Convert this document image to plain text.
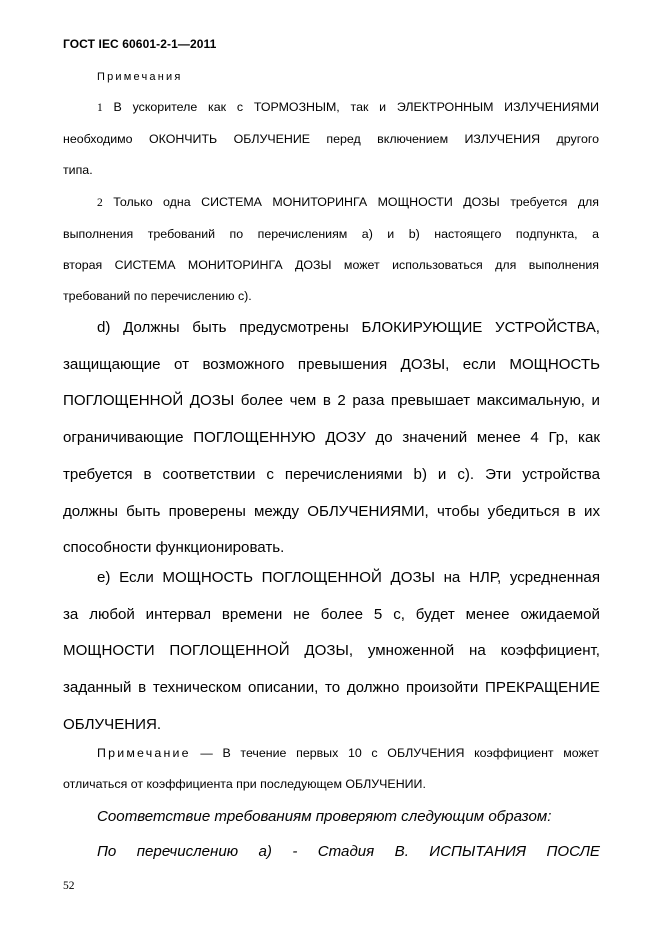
ГОСТ IEC 60601-2-1—2011
Примечания
1 В ускорителе как с ТОРМОЗНЫМ, так и ЭЛЕКТРОННЫМ ИЗЛУЧЕНИЯМИ
необходимо ОКОНЧИТЬ ОБЛУЧЕНИЕ перед включением ИЗЛУЧЕНИЯ другого
типа.
2 Только одна СИСТЕМА МОНИТОРИНГА МОЩНОСТИ ДОЗЫ требуется для
выполнения требований по перечислениям а) и b) настоящего подпункта, а
вторая СИСТЕМА МОНИТОРИНГА ДОЗЫ может использоваться для выполнения
требований по перечислению с).
d) Должны быть предусмотрены БЛОКИРУЮЩИЕ УСТРОЙСТВА,
защищающие от возможного превышения ДОЗЫ, если МОЩНОСТЬ
ПОГЛОЩЕННОЙ ДОЗЫ более чем в 2 раза превышает максимальную, и
ограничивающие ПОГЛОЩЕННУЮ ДОЗУ до значений менее 4 Гр, как
требуется в соответствии с перечислениями b) и с). Эти устройства
должны быть проверены между ОБЛУЧЕНИЯМИ, чтобы убедиться в их
способности функционировать.
е) Если МОЩНОСТЬ ПОГЛОЩЕННОЙ ДОЗЫ на НЛР, усредненная
за любой интервал времени не более 5 с, будет менее ожидаемой
МОЩНОСТИ ПОГЛОЩЕННОЙ ДОЗЫ, умноженной на коэффициент,
заданный в техническом описании, то должно произойти ПРЕКРАЩЕНИЕ
ОБЛУЧЕНИЯ.
Примечание — В течение первых 10 с ОБЛУЧЕНИЯ коэффициент может
отличаться от коэффициента при последующем ОБЛУЧЕНИИ.
Соответствие требованиям проверяют следующим образом:
По перечислению а) - Стадия В. ИСПЫТАНИЯ ПОСЛЕ
52
